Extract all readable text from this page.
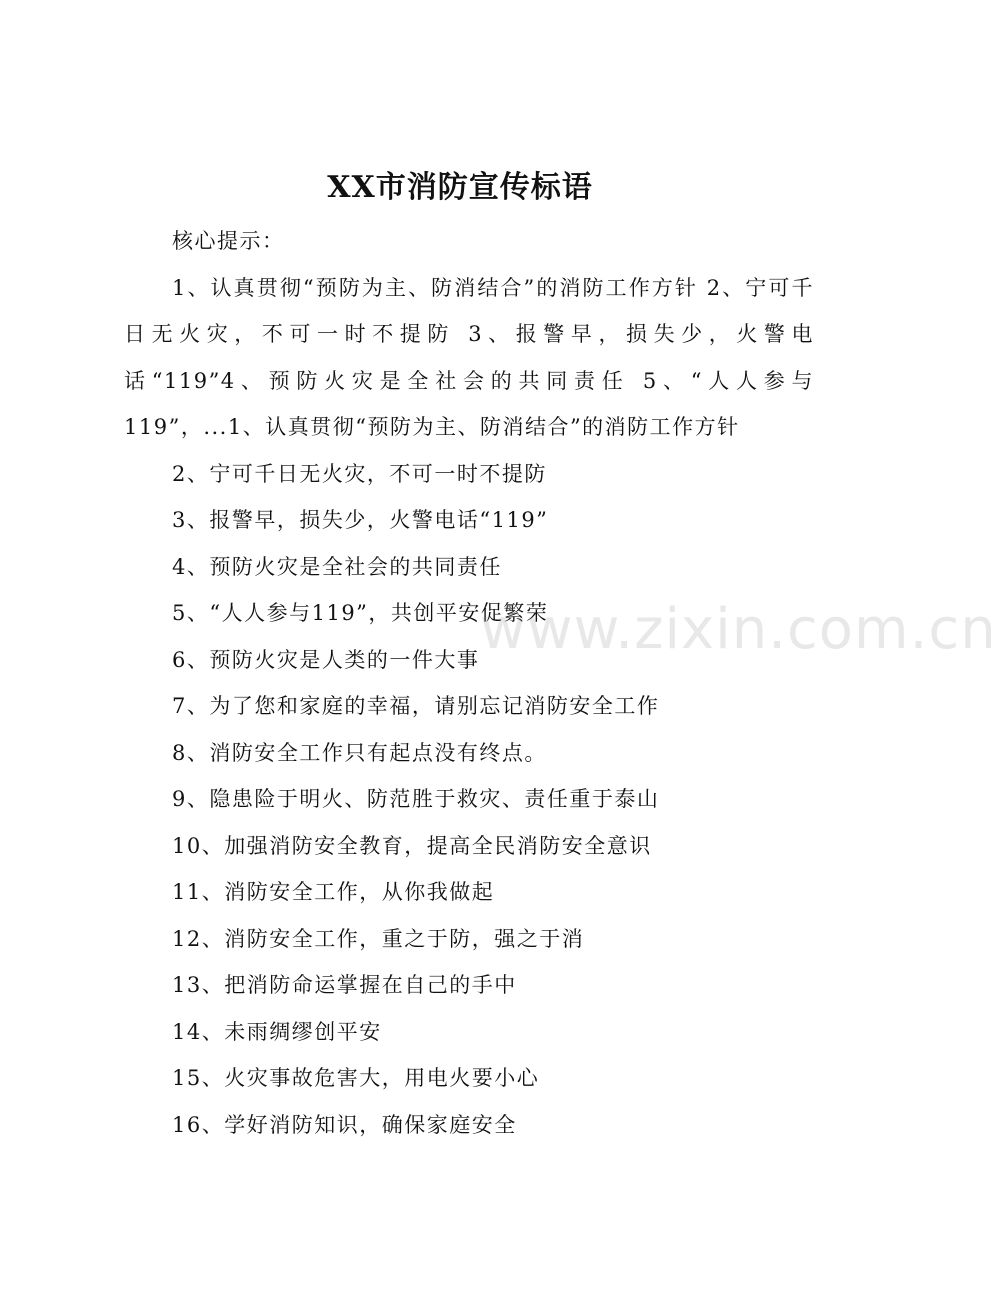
XX市消防宣传标语

核心提示：

1、认真贯彻“预防为主、防消结合”的消防工作方针 2、宁可千日无火灾，不可一时不提防 3、报警早，损失少，火警电话“119”4、预防火灾是全社会的共同责任 5、“人人参与119”，...1、认真贯彻“预防为主、防消结合”的消防工作方针

2、宁可千日无火灾，不可一时不提防

3、报警早，损失少，火警电话“119”

4、预防火灾是全社会的共同责任

5、“人人参与119”，共创平安促繁荣

6、预防火灾是人类的一件大事

7、为了您和家庭的幸福，请别忘记消防安全工作

8、消防安全工作只有起点没有终点。

9、隐患险于明火、防范胜于救灾、责任重于泰山

10、加强消防安全教育，提高全民消防安全意识

11、消防安全工作，从你我做起

12、消防安全工作，重之于防，强之于消

13、把消防命运掌握在自己的手中

14、未雨绸缪创平安

15、火灾事故危害大，用电火要小心

16、学好消防知识，确保家庭安全

www.zixin.com.cn
